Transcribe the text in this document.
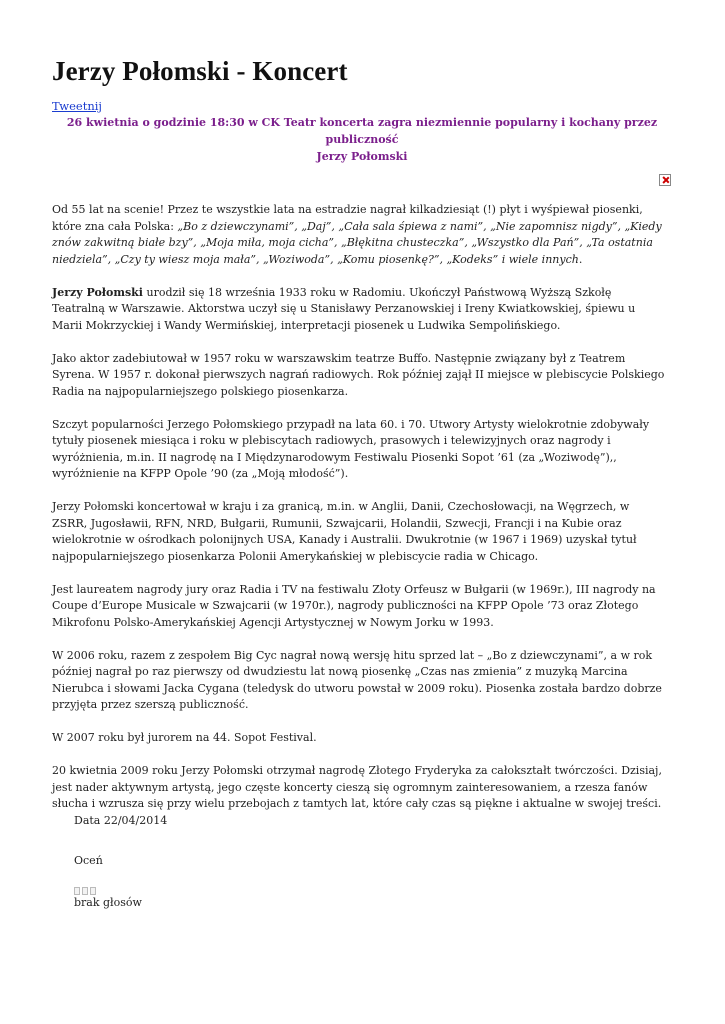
Jerzy Połomski - Koncert
Tweetnij
26 kwietnia o godzinie 18:30 w CK Teatr koncerta zagra niezmiennie popularny i kochany przez publiczność
Jerzy Połomski

Od 55 lat na scenie! Przez te wszystkie lata na estradzie nagrał kilkadziesiąt (!) płyt i wyśpiewał piosenki, które zna cała Polska: „Bo z dziewczynami”, „Daj”, „Cała sala śpiewa z nami”, „Nie zapomnisz nigdy”, „Kiedy znów zakwitną białe bzy”, „Moja miła, moja cicha”, „Błękitna chusteczka”, „Wszystko dla Pań”, „Ta ostatnia niedziela”, „Czy ty wiesz moja mała”, „Woziwoda”, „Komu piosenkę?”, „Kodeks” i wiele innych.

Jerzy Połomski urodził się 18 września 1933 roku w Radomiu. Ukończył Państwową Wyższą Szkołę Teatralną w Warszawie. Aktorstwa uczył się u Stanisławy Perzanowskiej i Ireny Kwiatkowskiej, śpiewu u Marii Mokrzyckiej i Wandy Wermińskiej, interpretacji piosenek u Ludwika Sempolińskiego.

Jako aktor zadebiutował w 1957 roku w warszawskim teatrze Buffo. Następnie związany był z Teatrem Syrena. W 1957 r. dokonał pierwszych nagrań radiowych. Rok później zajął II miejsce w plebiscycie Polskiego Radia na najpopularniejszego polskiego piosenkarza.

Szczyt popularności Jerzego Połomskiego przypadł na lata 60. i 70. Utwory Artysty wielokrotnie zdobywały tytuły piosenek miesiąca i roku w plebiscytach radiowych, prasowych i telewizyjnych oraz nagrody i wyróżnienia, m.in. II nagrodę na I Międzynarodowym Festiwalu Piosenki Sopot ’61 (za „Woziwodę”),, wyróżnienie na KFPP Opole ’90 (za „Moją młodość”).

Jerzy Połomski koncertował w kraju i za granicą, m.in. w Anglii, Danii, Czechosłowacji, na Węgrzech, w ZSRR, Jugosławii, RFN, NRD, Bułgarii, Rumunii, Szwajcarii, Holandii, Szwecji, Francji i na Kubie oraz wielokrotnie w ośrodkach polonijnych USA, Kanady i Australii. Dwukrotnie (w 1967 i 1969) uzyskał tytuł najpopularniejszego piosenkarza Polonii Amerykańskiej w plebiscycie radia w Chicago.

Jest laureatem nagrody jury oraz Radia i TV na festiwalu Złoty Orfeusz w Bułgarii (w 1969r.), III nagrody na Coupe d’Europe Musicale w Szwajcarii (w 1970r.), nagrody publiczności na KFPP Opole ’73 oraz Złotego Mikrofonu Polsko-Amerykańskiej Agencji Artystycznej w Nowym Jorku w 1993.

W 2006 roku, razem z zespołem Big Cyc nagrał nową wersję hitu sprzed lat – „Bo z dziewczynami”, a w rok później nagrał po raz pierwszy od dwudziestu lat nową piosenkę „Czas nas zmienia” z muzyką Marcina Nierubca i słowami Jacka Cygana (teledysk do utworu powstał w 2009 roku). Piosenka została bardzo dobrze przyjęta przez szerszą publiczność.

W 2007 roku był jurorem na 44. Sopot Festival.

20 kwietnia 2009 roku Jerzy Połomski otrzymał nagrodę Złotego Fryderyka za całokształt twórczości. Dzisiaj, jest nader aktywnym artystą, jego częste koncerty cieszą się ogromnym zainteresowaniem, a rzesza fanów słucha i wzrusza się przy wielu przebojach z tamtych lat, które cały czas są piękne i aktualne w swojej treści.

Data 22/04/2014
Oceń
brak głosów
